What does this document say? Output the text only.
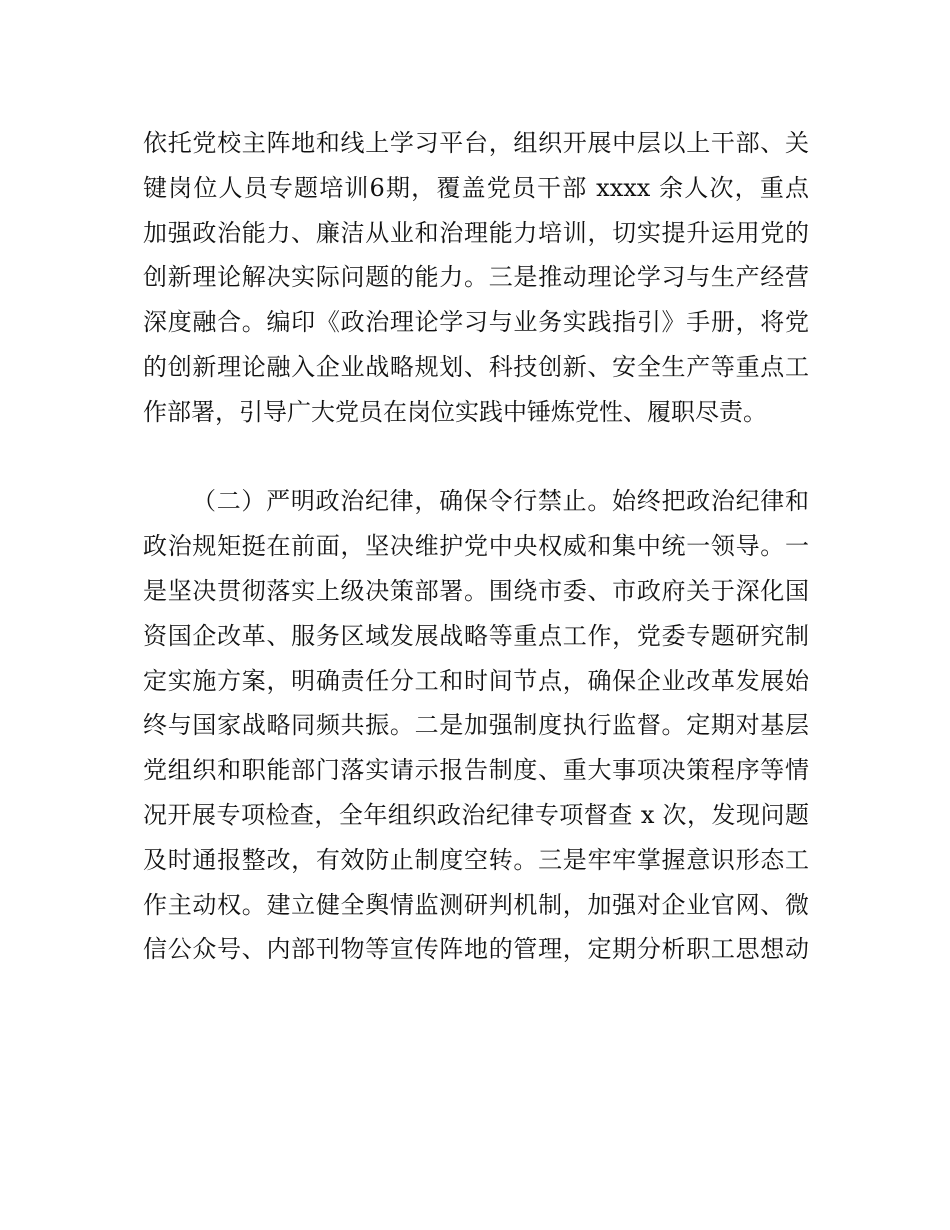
依托党校主阵地和线上学习平台，组织开展中层以上干部、关
键岗位人员专题培训6期，覆盖党员干部 xxxx 余人次，重点
加强政治能力、廉洁从业和治理能力培训，切实提升运用党的
创新理论解决实际问题的能力。三是推动理论学习与生产经营
深度融合。编印《政治理论学习与业务实践指引》手册，将党
的创新理论融入企业战略规划、科技创新、安全生产等重点工
作部署，引导广大党员在岗位实践中锤炼党性、履职尽责。
（二）严明政治纪律，确保令行禁止。始终把政治纪律和
政治规矩挺在前面，坚决维护党中央权威和集中统一领导。一
是坚决贯彻落实上级决策部署。围绕市委、市政府关于深化国
资国企改革、服务区域发展战略等重点工作，党委专题研究制
定实施方案，明确责任分工和时间节点，确保企业改革发展始
终与国家战略同频共振。二是加强制度执行监督。定期对基层
党组织和职能部门落实请示报告制度、重大事项决策程序等情
况开展专项检查，全年组织政治纪律专项督查 x 次，发现问题
及时通报整改，有效防止制度空转。三是牢牢掌握意识形态工
作主动权。建立健全舆情监测研判机制，加强对企业官网、微
信公众号、内部刊物等宣传阵地的管理，定期分析职工思想动
